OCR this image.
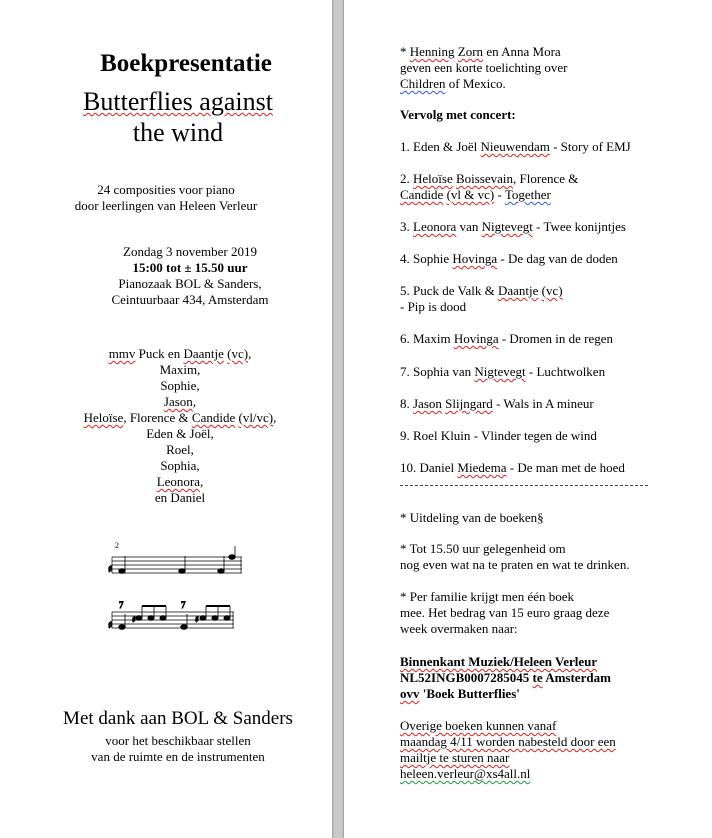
Boekpresentatie
Butterflies against
the wind
24 composities voor piano
door leerlingen van Heleen Verleur
Zondag 3 november 2019
15:00 tot ± 15.50 uur
Pianozaak BOL & Sanders,
Ceintuurbaar 434, Amsterdam
mmv Puck en Daantje (vc),
Maxim,
Sophie,
Jason,
Heloïse, Florence & Candide (vl/vc),
Eden & Joël,
Roel,
Sophia,
Leonora,
en Daniel
2
♯
7	7
♯
♯	♯
Met dank aan BOL & Sanders
voor het beschikbaar stellen
van de ruimte en de instrumenten
* Henning Zorn en Anna Mora
geven een korte toelichting over
Children of Mexico.
Vervolg met concert:
1. Eden & Joël Nieuwendam - Story of EMJ
2. Heloïse Boissevain, Florence &
Candide (vl & vc) - Together
3. Leonora van Nigtevegt - Twee konijntjes
4. Sophie Hovinga - De dag van de doden
5. Puck de Valk & Daantje (vc)
- Pip is dood
6. Maxim Hovinga - Dromen in de regen
7. Sophia van Nigtevegt - Luchtwolken
8. Jason Slijngard - Wals in A mineur
9. Roel Kluin - Vlinder tegen de wind
10. Daniel Miedema - De man met de hoed
* Uitdeling van de boeken§
* Tot 15.50 uur gelegenheid om
nog even wat na te praten en wat te drinken.
* Per familie krijgt men één boek
mee. Het bedrag van 15 euro graag deze
week overmaken naar:
Binnenkant Muziek/Heleen Verleur
NL52INGB0007285045 te Amsterdam
ovv 'Boek Butterflies'
Overige boeken kunnen vanaf
maandag 4/11 worden nabesteld door een
mailtje te sturen naar
heleen.verleur@xs4all.nl
